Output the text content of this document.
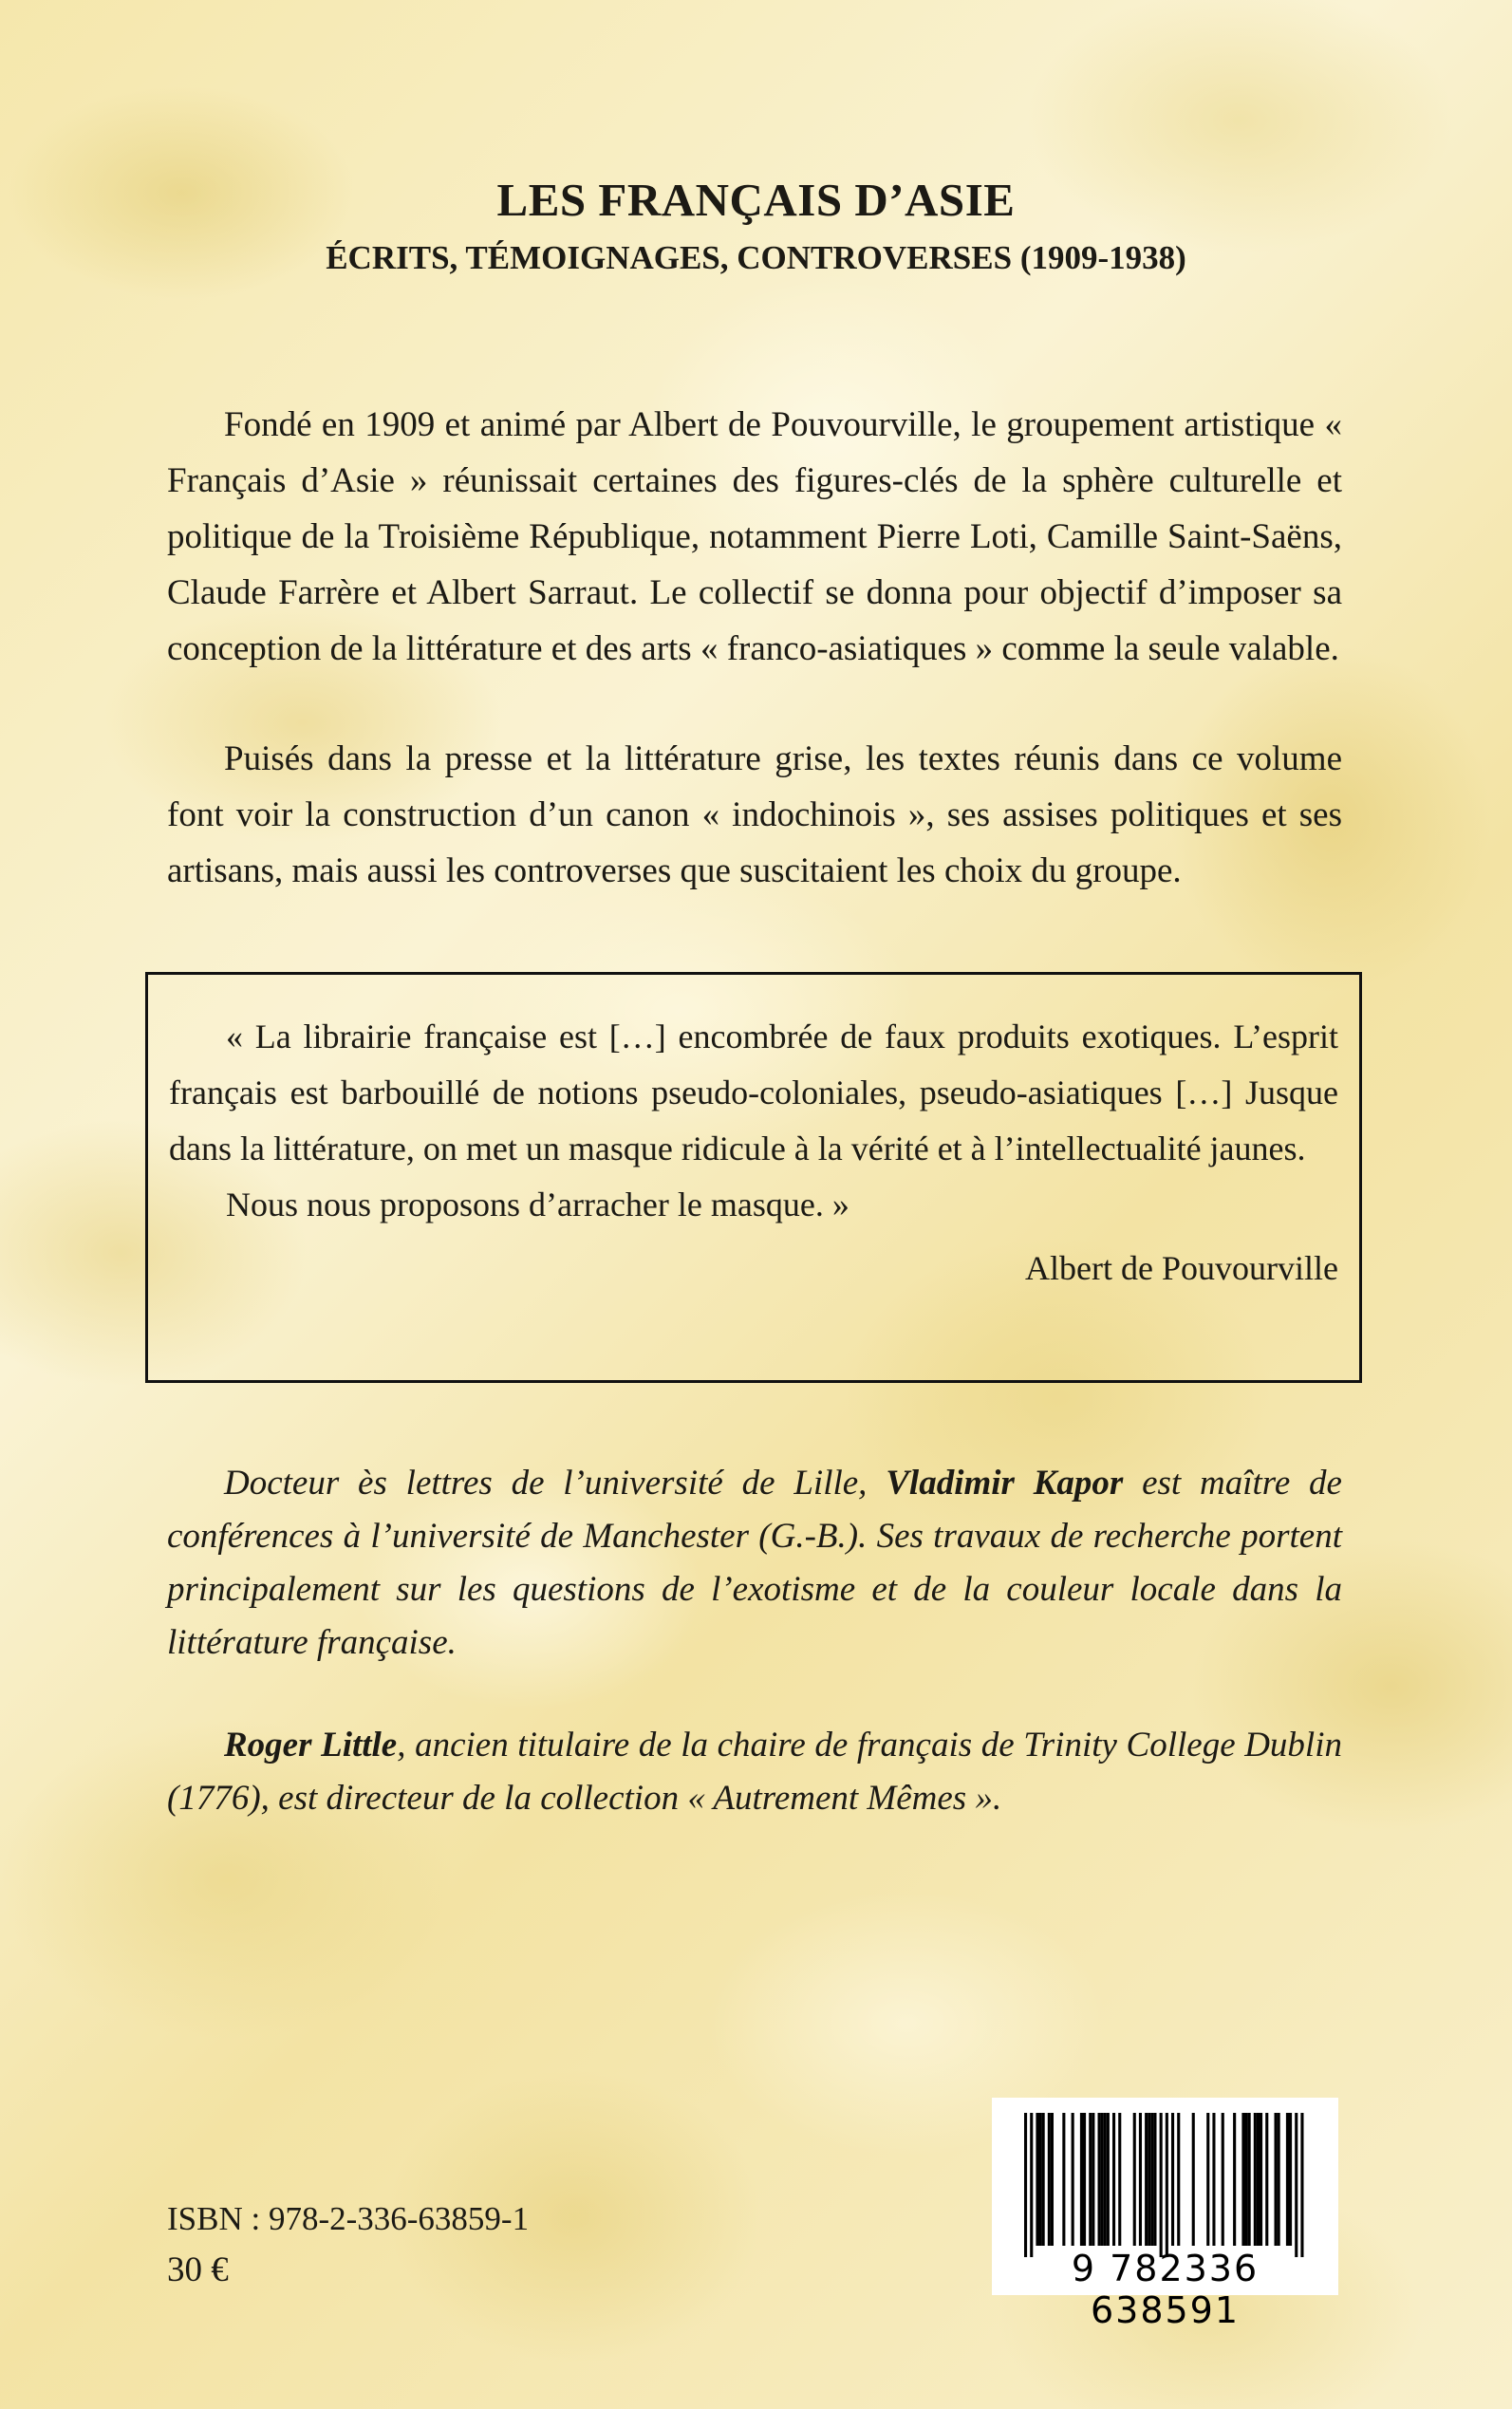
LES FRANÇAIS D’ASIE
ÉCRITS, TÉMOIGNAGES, CONTROVERSES (1909-1938)

Fondé en 1909 et animé par Albert de Pouvourville, le groupement artistique « Français d’Asie » réunissait certaines des figures-clés de la sphère culturelle et politique de la Troisième République, notamment Pierre Loti, Camille Saint-Saëns, Claude Farrère et Albert Sarraut. Le collectif se donna pour objectif d’imposer sa conception de la littérature et des arts « franco-asiatiques » comme la seule valable.

Puisés dans la presse et la littérature grise, les textes réunis dans ce volume font voir la construction d’un canon « indochinois », ses assises politiques et ses artisans, mais aussi les controverses que suscitaient les choix du groupe.

« La librairie française est […] encombrée de faux produits exotiques. L’esprit français est barbouillé de notions pseudo-coloniales, pseudo-asiatiques […] Jusque dans la littérature, on met un masque ridicule à la vérité et à l’intellectualité jaunes.

Nous nous proposons d’arracher le masque. »

Albert de Pouvourville

Docteur ès lettres de l’université de Lille, Vladimir Kapor est maître de conférences à l’université de Manchester (G.-B.). Ses travaux de recherche portent principalement sur les questions de l’exotisme et de la couleur locale dans la littérature française.

Roger Little, ancien titulaire de la chaire de français de Trinity College Dublin (1776), est directeur de la collection « Autrement Mêmes ».

ISBN : 978-2-336-63859-1
30 €	9 782336 638591
